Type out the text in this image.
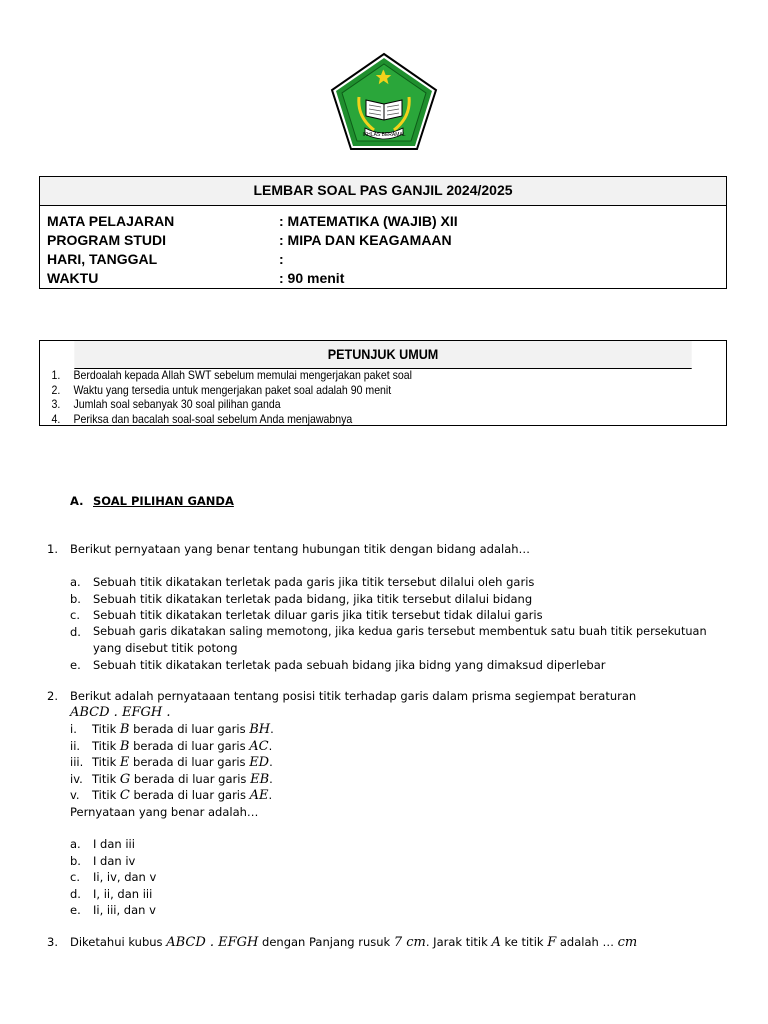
IKHLAS BERAMAL
LEMBAR SOAL PAS GANJIL 2024/2025
MATA PELAJARAN	: MATEMATIKA (WAJIB) XII
PROGRAM STUDI	: MIPA DAN KEAGAMAAN
HARI, TANGGAL	:
WAKTU	: 90 menit
PETUNJUK UMUM
1. Berdoalah kepada Allah SWT sebelum memulai mengerjakan paket soal
2. Waktu yang tersedia untuk mengerjakan paket soal adalah 90 menit
3. Jumlah soal sebanyak 30 soal pilihan ganda
4. Periksa dan bacalah soal-soal sebelum Anda menjawabnya
A. SOAL PILIHAN GANDA
1. Berikut pernyataan yang benar tentang hubungan titik dengan bidang adalah…
a. Sebuah titik dikatakan terletak pada garis jika titik tersebut dilalui oleh garis
b. Sebuah titik dikatakan terletak pada bidang, jika titik tersebut dilalui bidang
c. Sebuah titik dikatakan terletak diluar garis jika titik tersebut tidak dilalui garis
d. Sebuah garis dikatakan saling memotong, jika kedua garis tersebut membentuk satu buah titik persekutuan
yang disebut titik potong
e. Sebuah titik dikatakan terletak pada sebuah bidang jika bidng yang dimaksud diperlebar
2. Berikut adalah pernyataaan tentang posisi titik terhadap garis dalam prisma segiempat beraturan
ABCD . EFGH .
i. Titik B berada di luar garis BH.
ii. Titik B berada di luar garis AC.
iii. Titik E berada di luar garis ED.
iv. Titik G berada di luar garis EB.
v. Titik C berada di luar garis AE.
Pernyataan yang benar adalah…
a. I dan iii
b. I dan iv
c. Ii, iv, dan v
d. I, ii, dan iii
e. Ii, iii, dan v
3. Diketahui kubus ABCD . EFGH dengan Panjang rusuk 7 cm. Jarak titik A ke titik F adalah … cm
